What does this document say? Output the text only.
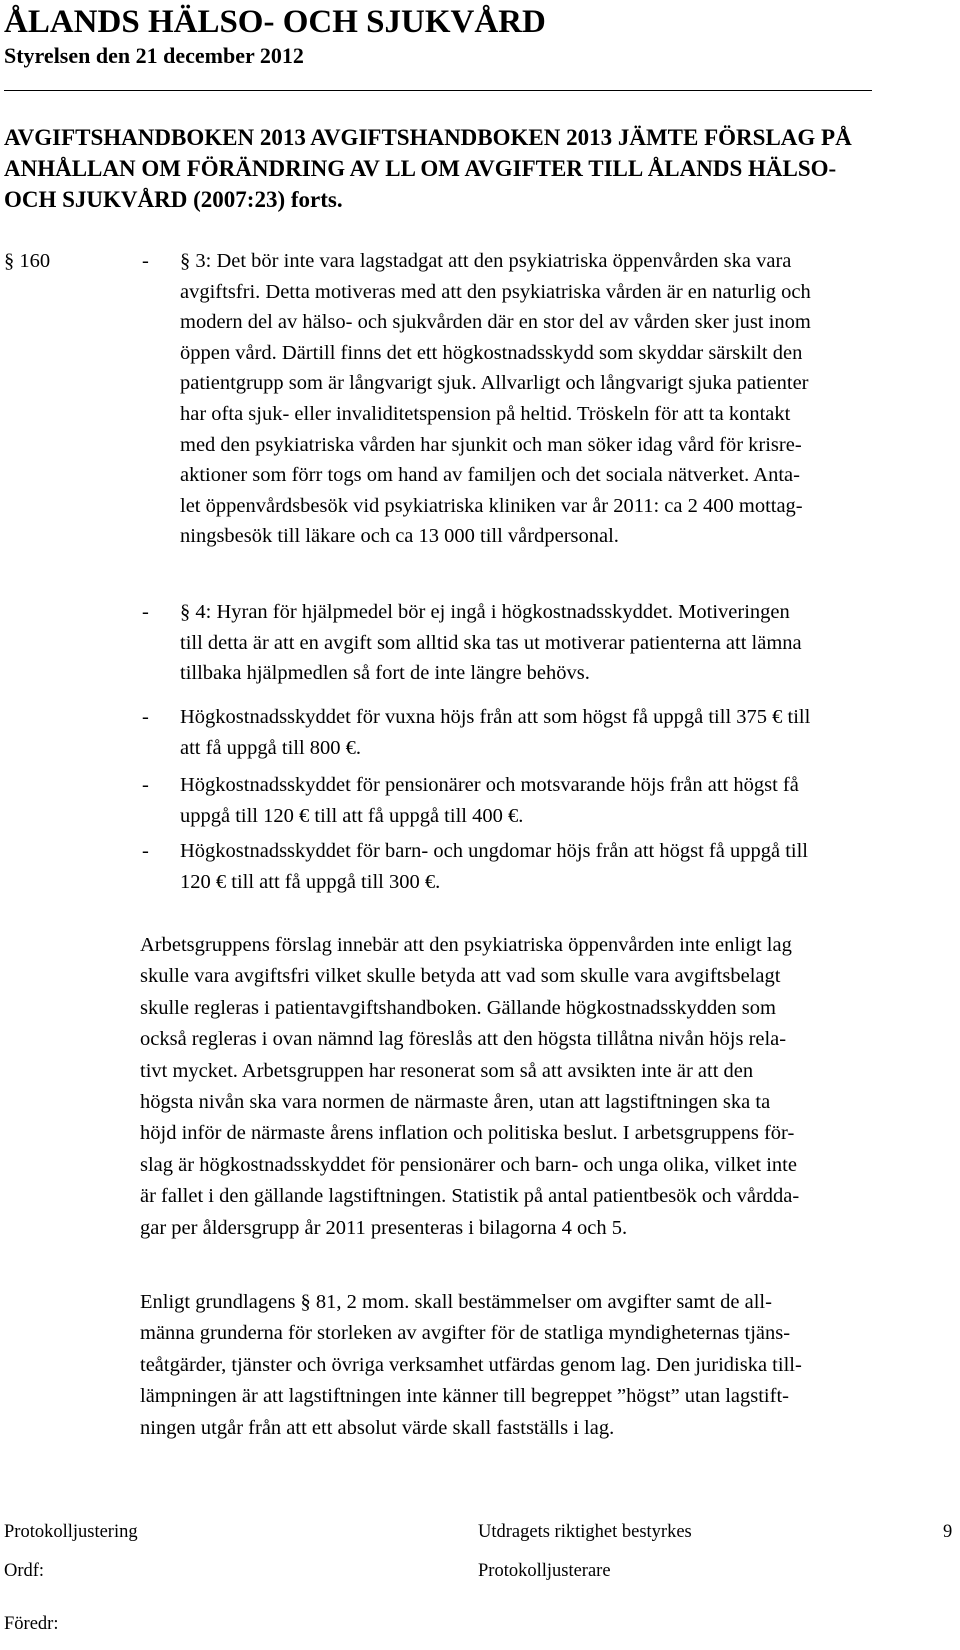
ÅLANDS HÄLSO- OCH SJUKVÅRD
Styrelsen den 21 december 2012
AVGIFTSHANDBOKEN 2013 AVGIFTSHANDBOKEN 2013 JÄMTE FÖRSLAG PÅ
ANHÅLLAN OM FÖRÄNDRING AV LL OM AVGIFTER TILL ÅLANDS HÄLSO-
OCH SJUKVÅRD (2007:23) forts.
§ 160	- § 3: Det bör inte vara lagstadgat att den psykiatriska öppenvården ska vara
avgiftsfri. Detta motiveras med att den psykiatriska vården är en naturlig och
modern del av hälso- och sjukvården där en stor del av vården sker just inom
öppen vård. Därtill finns det ett högkostnadsskydd som skyddar särskilt den
patientgrupp som är långvarigt sjuk. Allvarligt och långvarigt sjuka patienter
har ofta sjuk- eller invaliditetspension på heltid. Tröskeln för att ta kontakt
med den psykiatriska vården har sjunkit och man söker idag vård för krisre-
aktioner som förr togs om hand av familjen och det sociala nätverket. Anta-
let öppenvårdsbesök vid psykiatriska kliniken var år 2011: ca 2 400 mottag-
ningsbesök till läkare och ca 13 000 till vårdpersonal.
- § 4: Hyran för hjälpmedel bör ej ingå i högkostnadsskyddet. Motiveringen
till detta är att en avgift som alltid ska tas ut motiverar patienterna att lämna
tillbaka hjälpmedlen så fort de inte längre behövs.
- Högkostnadsskyddet för vuxna höjs från att som högst få uppgå till 375 € till
att få uppgå till 800 €.
- Högkostnadsskyddet för pensionärer och motsvarande höjs från att högst få
uppgå till 120 € till att få uppgå till 400 €.
- Högkostnadsskyddet för barn- och ungdomar höjs från att högst få uppgå till
120 € till att få uppgå till 300 €.
Arbetsgruppens förslag innebär att den psykiatriska öppenvården inte enligt lag
skulle vara avgiftsfri vilket skulle betyda att vad som skulle vara avgiftsbelagt
skulle regleras i patientavgiftshandboken. Gällande högkostnadsskydden som
också regleras i ovan nämnd lag föreslås att den högsta tillåtna nivån höjs rela-
tivt mycket. Arbetsgruppen har resonerat som så att avsikten inte är att den
högsta nivån ska vara normen de närmaste åren, utan att lagstiftningen ska ta
höjd inför de närmaste årens inflation och politiska beslut. I arbetsgruppens för-
slag är högkostnadsskyddet för pensionärer och barn- och unga olika, vilket inte
är fallet i den gällande lagstiftningen. Statistik på antal patientbesök och vårdda-
gar per åldersgrupp år 2011 presenteras i bilagorna 4 och 5.
Enligt grundlagens § 81, 2 mom. skall bestämmelser om avgifter samt de all-
männa grunderna för storleken av avgifter för de statliga myndigheternas tjäns-
teåtgärder, tjänster och övriga verksamhet utfärdas genom lag. Den juridiska till-
lämpningen är att lagstiftningen inte känner till begreppet ”högst” utan lagstift-
ningen utgår från att ett absolut värde skall fastställs i lag.
Protokolljustering	Utdragets riktighet bestyrkes	9
Ordf:	Protokolljusterare
Föredr:
